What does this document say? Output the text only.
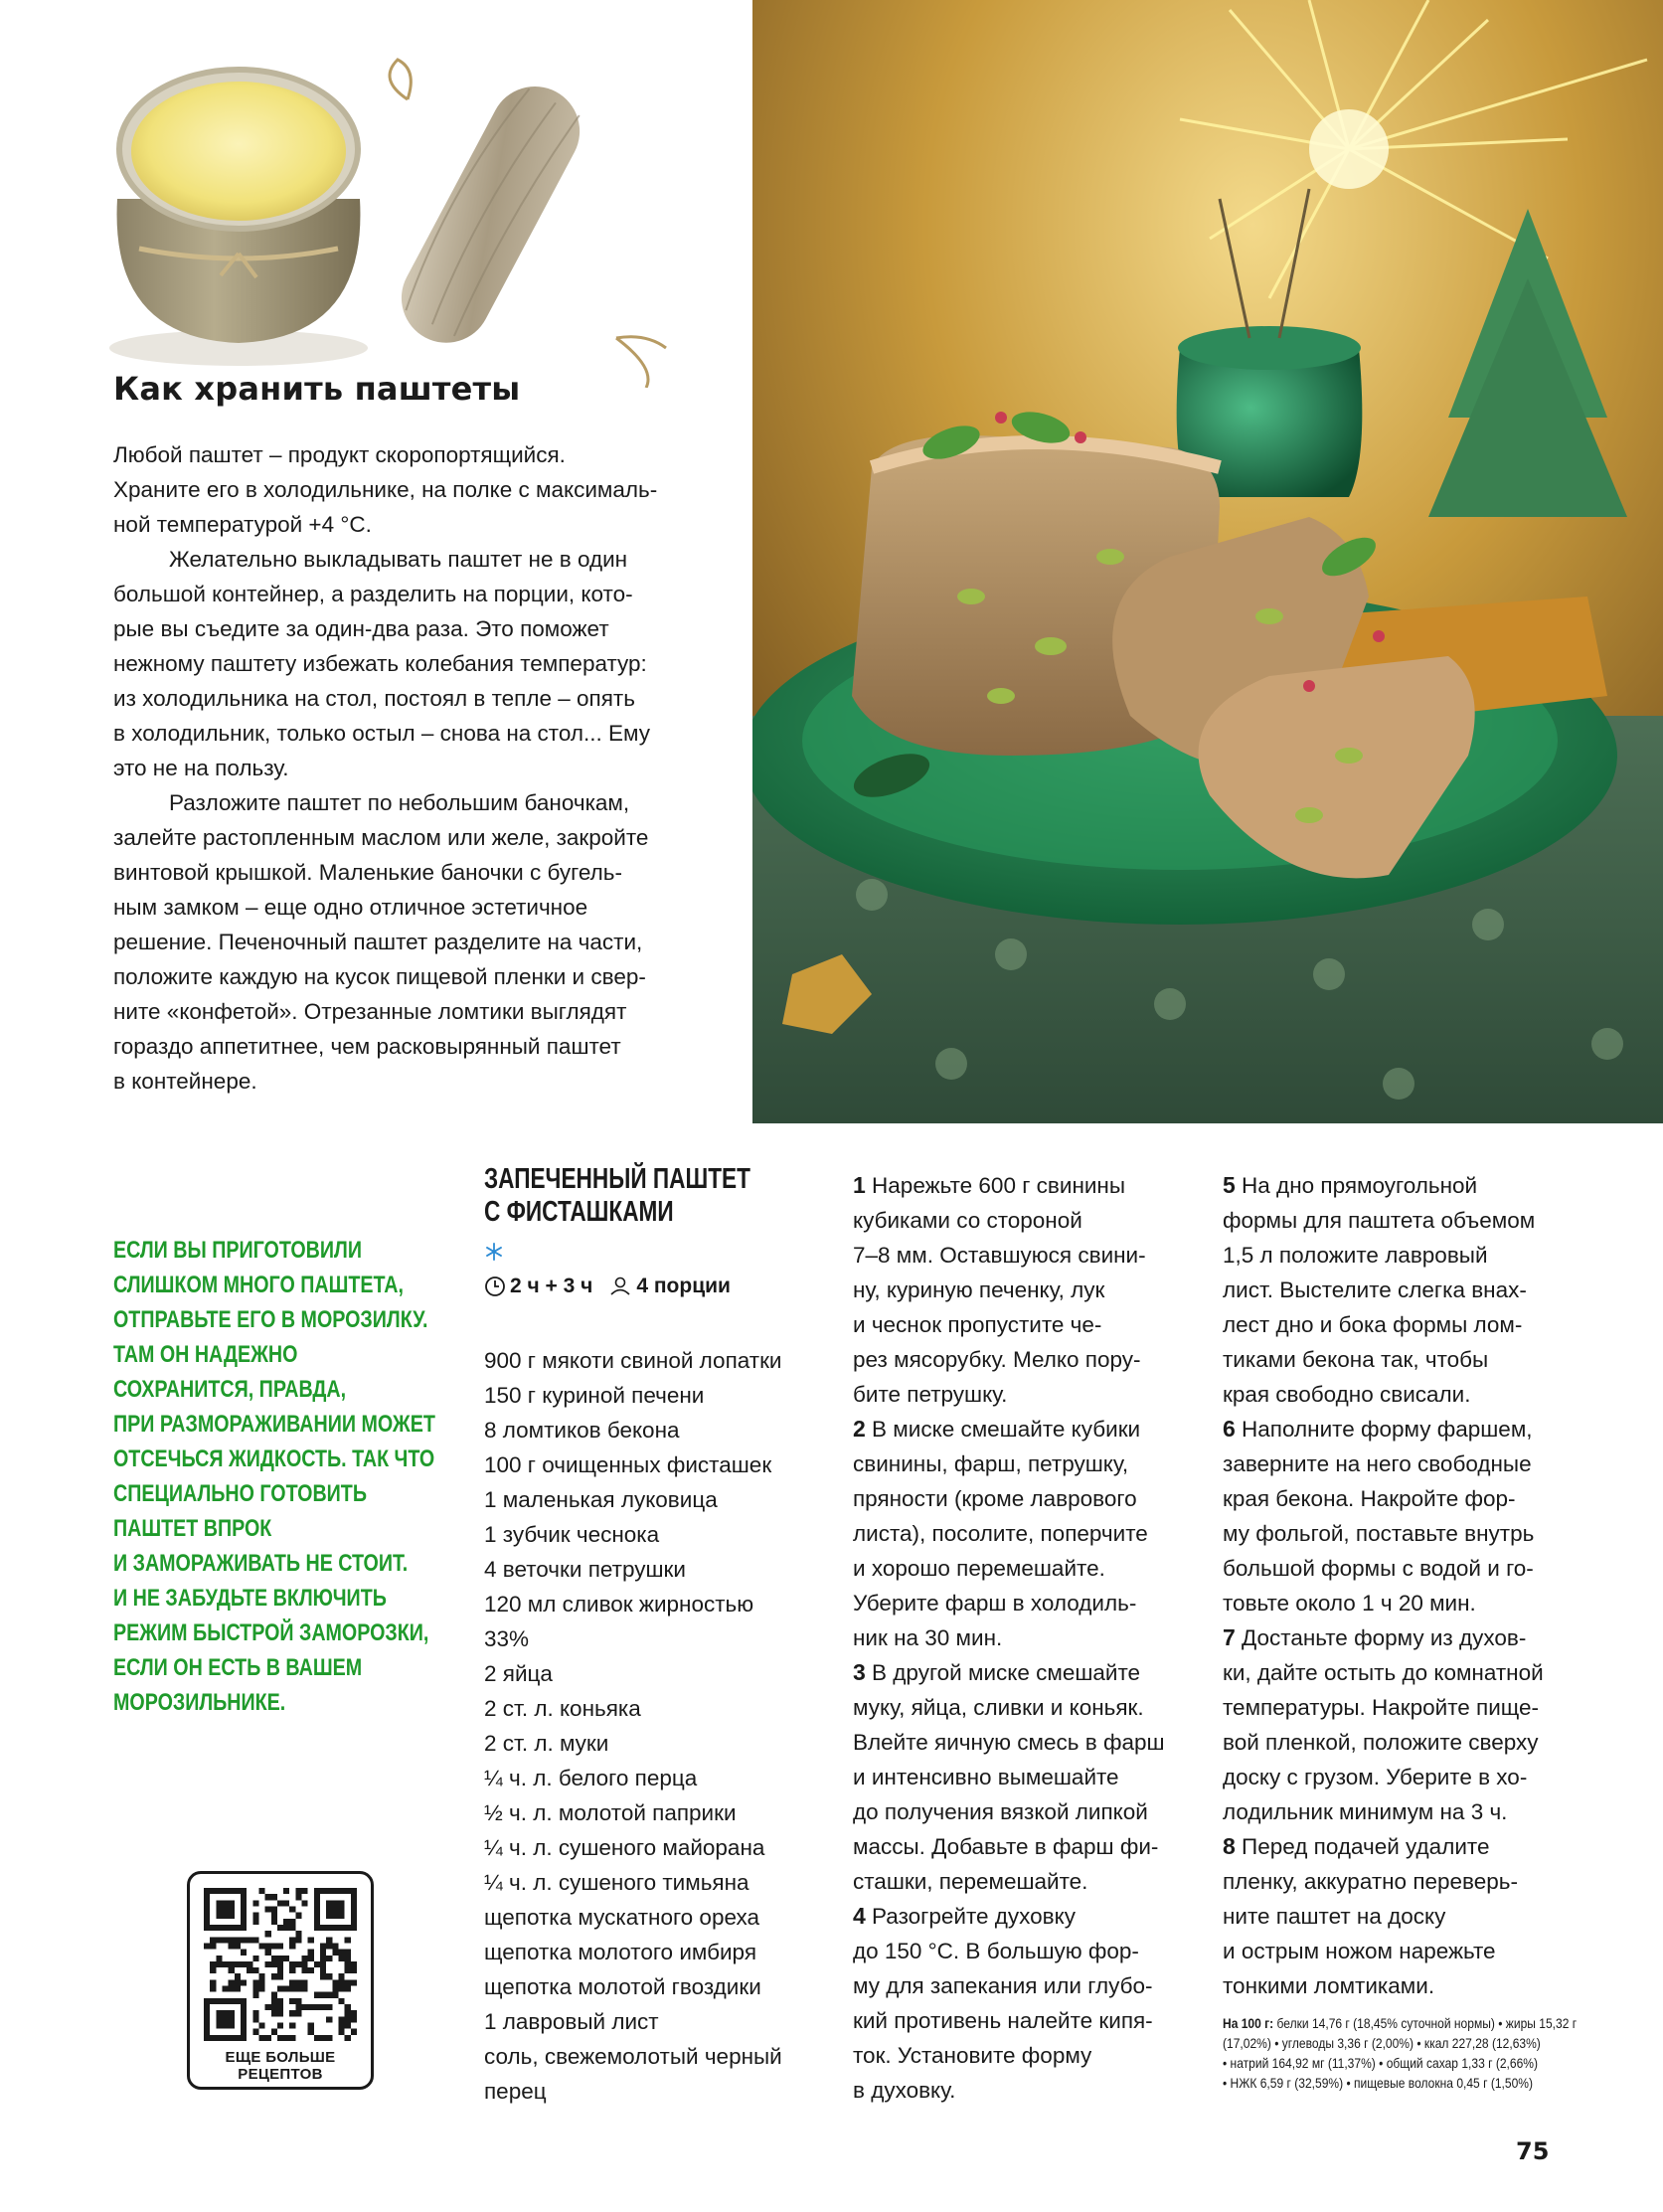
Как хранить паштеты
Любой паштет – продукт скоропортящийся.
Храните его в холодильнике, на полке с максималь-
ной температурой +4 °С.
Желательно выкладывать паштет не в один
большой контейнер, а разделить на порции, кото-
рые вы съедите за один-два раза. Это поможет
нежному паштету избежать колебания температур:
из холодильника на стол, постоял в тепле – опять
в холодильник, только остыл – снова на стол... Ему
это не на пользу.
Разложите паштет по небольшим баночкам,
залейте растопленным маслом или желе, закройте
винтовой крышкой. Маленькие баночки с бугель-
ным замком – еще одно отличное эстетичное
решение. Печеночный паштет разделите на части,
положите каждую на кусок пищевой пленки и свер-
ните «конфетой». Отрезанные ломтики выглядят
гораздо аппетитнее, чем расковырянный паштет
в контейнере.
ЕСЛИ ВЫ ПРИГОТОВИЛИ
СЛИШКОМ МНОГО ПАШТЕТА,
ОТПРАВЬТЕ ЕГО В МОРОЗИЛКУ.
ТАМ ОН НАДЕЖНО
СОХРАНИТСЯ, ПРАВДА,
ПРИ РАЗМОРАЖИВАНИИ МОЖЕТ
ОТСЕЧЬСЯ ЖИДКОСТЬ. ТАК ЧТО
СПЕЦИАЛЬНО ГОТОВИТЬ
ПАШТЕТ ВПРОК
И ЗАМОРАЖИВАТЬ НЕ СТОИТ.
И НЕ ЗАБУДЬТЕ ВКЛЮЧИТЬ
РЕЖИМ БЫСТРОЙ ЗАМОРОЗКИ,
ЕСЛИ ОН ЕСТЬ В ВАШЕМ
МОРОЗИЛЬНИКЕ.
ЕЩЕ БОЛЬШЕ
РЕЦЕПТОВ
ЗАПЕЧЕННЫЙ ПАШТЕТ
С ФИСТАШКАМИ
2 ч + 3 ч 4 порции
900 г мякоти свиной лопатки
150 г куриной печени
8 ломтиков бекона
100 г очищенных фисташек
1 маленькая луковица
1 зубчик чеснока
4 веточки петрушки
120 мл сливок жирностью
33%
2 яйца
2 ст. л. коньяка
2 ст. л. муки
¼ ч. л. белого перца
½ ч. л. молотой паприки
¼ ч. л. сушеного майорана
¼ ч. л. сушеного тимьяна
щепотка мускатного ореха
щепотка молотого имбиря
щепотка молотой гвоздики
1 лавровый лист
соль, свежемолотый черный
перец
1 Нарежьте 600 г свинины
кубиками со стороной
7–8 мм. Оставшуюся свини-
ну, куриную печенку, лук
и чеснок пропустите че-
рез мясорубку. Мелко пору-
бите петрушку.
2 В миске смешайте кубики
свинины, фарш, петрушку,
пряности (кроме лаврового
листа), посолите, поперчите
и хорошо перемешайте.
Уберите фарш в холодиль-
ник на 30 мин.
3 В другой миске смешайте
муку, яйца, сливки и коньяк.
Влейте яичную смесь в фарш
и интенсивно вымешайте
до получения вязкой липкой
массы. Добавьте в фарш фи-
сташки, перемешайте.
4 Разогрейте духовку
до 150 °С. В большую фор-
му для запекания или глубо-
кий противень налейте кипя-
ток. Установите форму
в духовку.
5 На дно прямоугольной
формы для паштета объемом
1,5 л положите лавровый
лист. Выстелите слегка внах-
лест дно и бока формы лом-
тиками бекона так, чтобы
края свободно свисали.
6 Наполните форму фаршем,
заверните на него свободные
края бекона. Накройте фор-
му фольгой, поставьте внутрь
большой формы с водой и го-
товьте около 1 ч 20 мин.
7 Достаньте форму из духов-
ки, дайте остыть до комнатной
температуры. Накройте пище-
вой пленкой, положите сверху
доску с грузом. Уберите в хо-
лодильник минимум на 3 ч.
8 Перед подачей удалите
пленку, аккуратно переверь-
ните паштет на доску
и острым ножом нарежьте
тонкими ломтиками.
На 100 г: белки 14,76 г (18,45% суточной нормы) • жиры 15,32 г
(17,02%) • углеводы 3,36 г (2,00%) • ккал 227,28 (12,63%)
• натрий 164,92 мг (11,37%) • общий сахар 1,33 г (2,66%)
• НЖК 6,59 г (32,59%) • пищевые волокна 0,45 г (1,50%)
75
